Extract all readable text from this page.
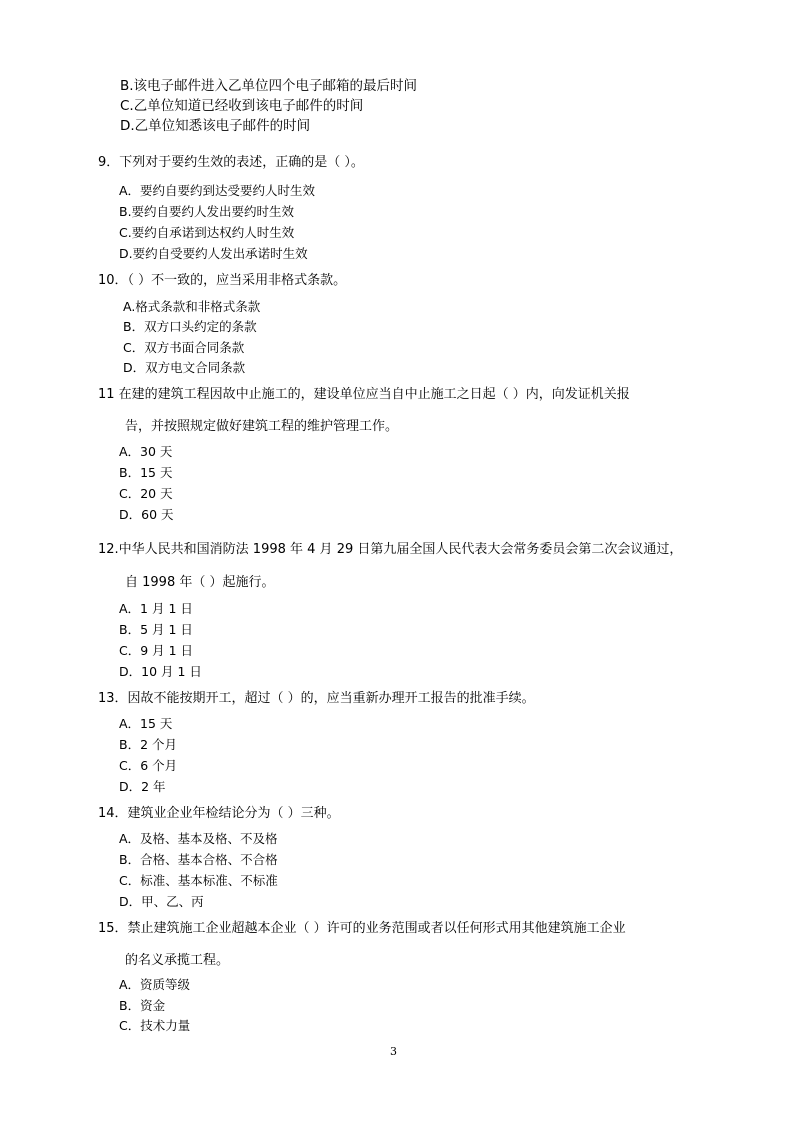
B.该电子邮件进入乙单位四个电子邮箱的最后时间
C.乙单位知道已经收到该电子邮件的时间
D.乙单位知悉该电子邮件的时间
9．下列对于要约生效的表述，正确的是（ ）。
A．要约自要约到达受要约人时生效
B.要约自要约人发出要约时生效
C.要约自承诺到达权约人时生效
D.要约自受要约人发出承诺时生效
10．（ ）不一致的，应当采用非格式条款。
A.格式条款和非格式条款
B．双方口头约定的条款
C．双方书面合同条款
D．双方电文合同条款
11 在建的建筑工程因故中止施工的，建设单位应当自中止施工之日起（ ）内，向发证机关报
告，并按照规定做好建筑工程的维护管理工作。
A．30 天
B．15 天
C．20 天
D．60 天
12.中华人民共和国消防法 1998 年 4 月 29 日第九届全国人民代表大会常务委员会第二次会议通过，
自 1998 年（ ）起施行。
A．1 月 1 日
B．5 月 1 日
C．9 月 1 日
D．10 月 1 日
13．因故不能按期开工，超过（ ）的，应当重新办理开工报告的批准手续。
A．15 天
B．2 个月
C．6 个月
D．2 年
14．建筑业企业年检结论分为（ ）三种。
A．及格、基本及格、不及格
B．合格、基本合格、不合格
C．标准、基本标准、不标准
D．甲、乙、丙
15．禁止建筑施工企业超越本企业（ ）许可的业务范围或者以任何形式用其他建筑施工企业
的名义承揽工程。
A．资质等级
B．资金
C．技术力量
3
